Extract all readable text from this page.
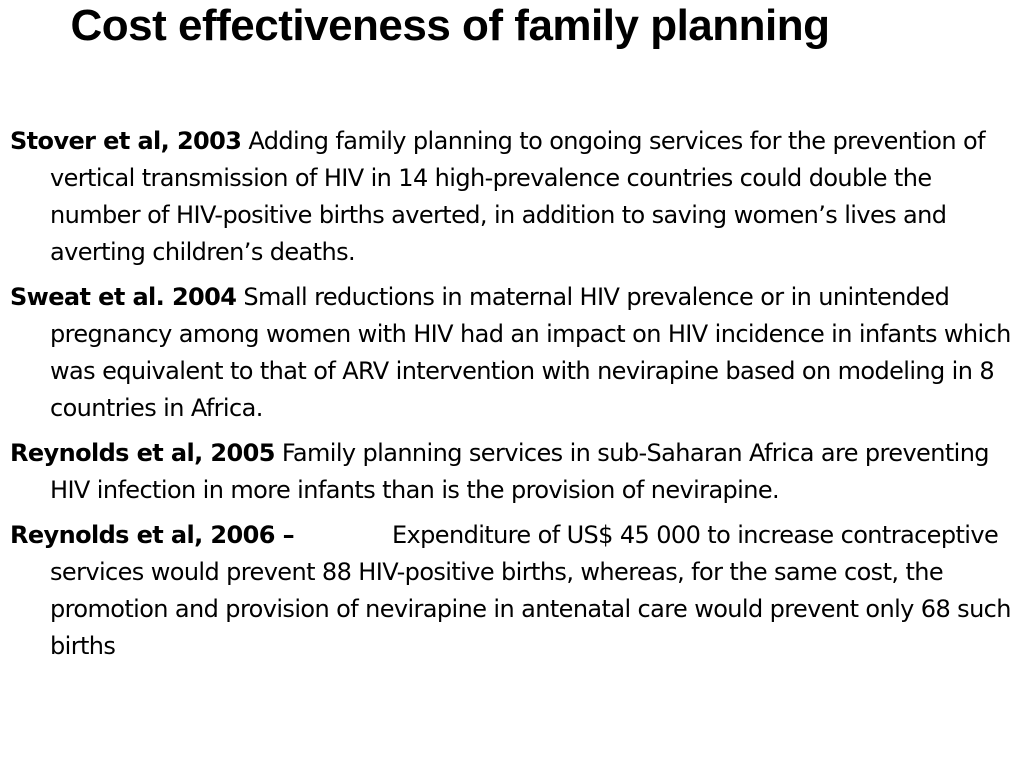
Cost effectiveness of family planning

Stover et al, 2003 Adding family planning to ongoing services for the prevention of vertical transmission of HIV in 14 high-prevalence countries could double the number of HIV-positive births averted, in addition to saving women’s lives and averting children’s deaths.

Sweat et al. 2004 Small reductions in maternal HIV prevalence or in unintended pregnancy among women with HIV had an impact on HIV incidence in infants which was equivalent to that of ARV intervention with nevirapine based on modeling in 8 countries in Africa.

Reynolds et al, 2005 Family planning services in sub-Saharan Africa are preventing HIV infection in more infants than is the provision of nevirapine.

Reynolds et al, 2006 –	Expenditure of US$ 45 000 to increase contraceptive services would prevent 88 HIV-positive births, whereas, for the same cost, the promotion and provision of nevirapine in antenatal care would prevent only 68 such births
